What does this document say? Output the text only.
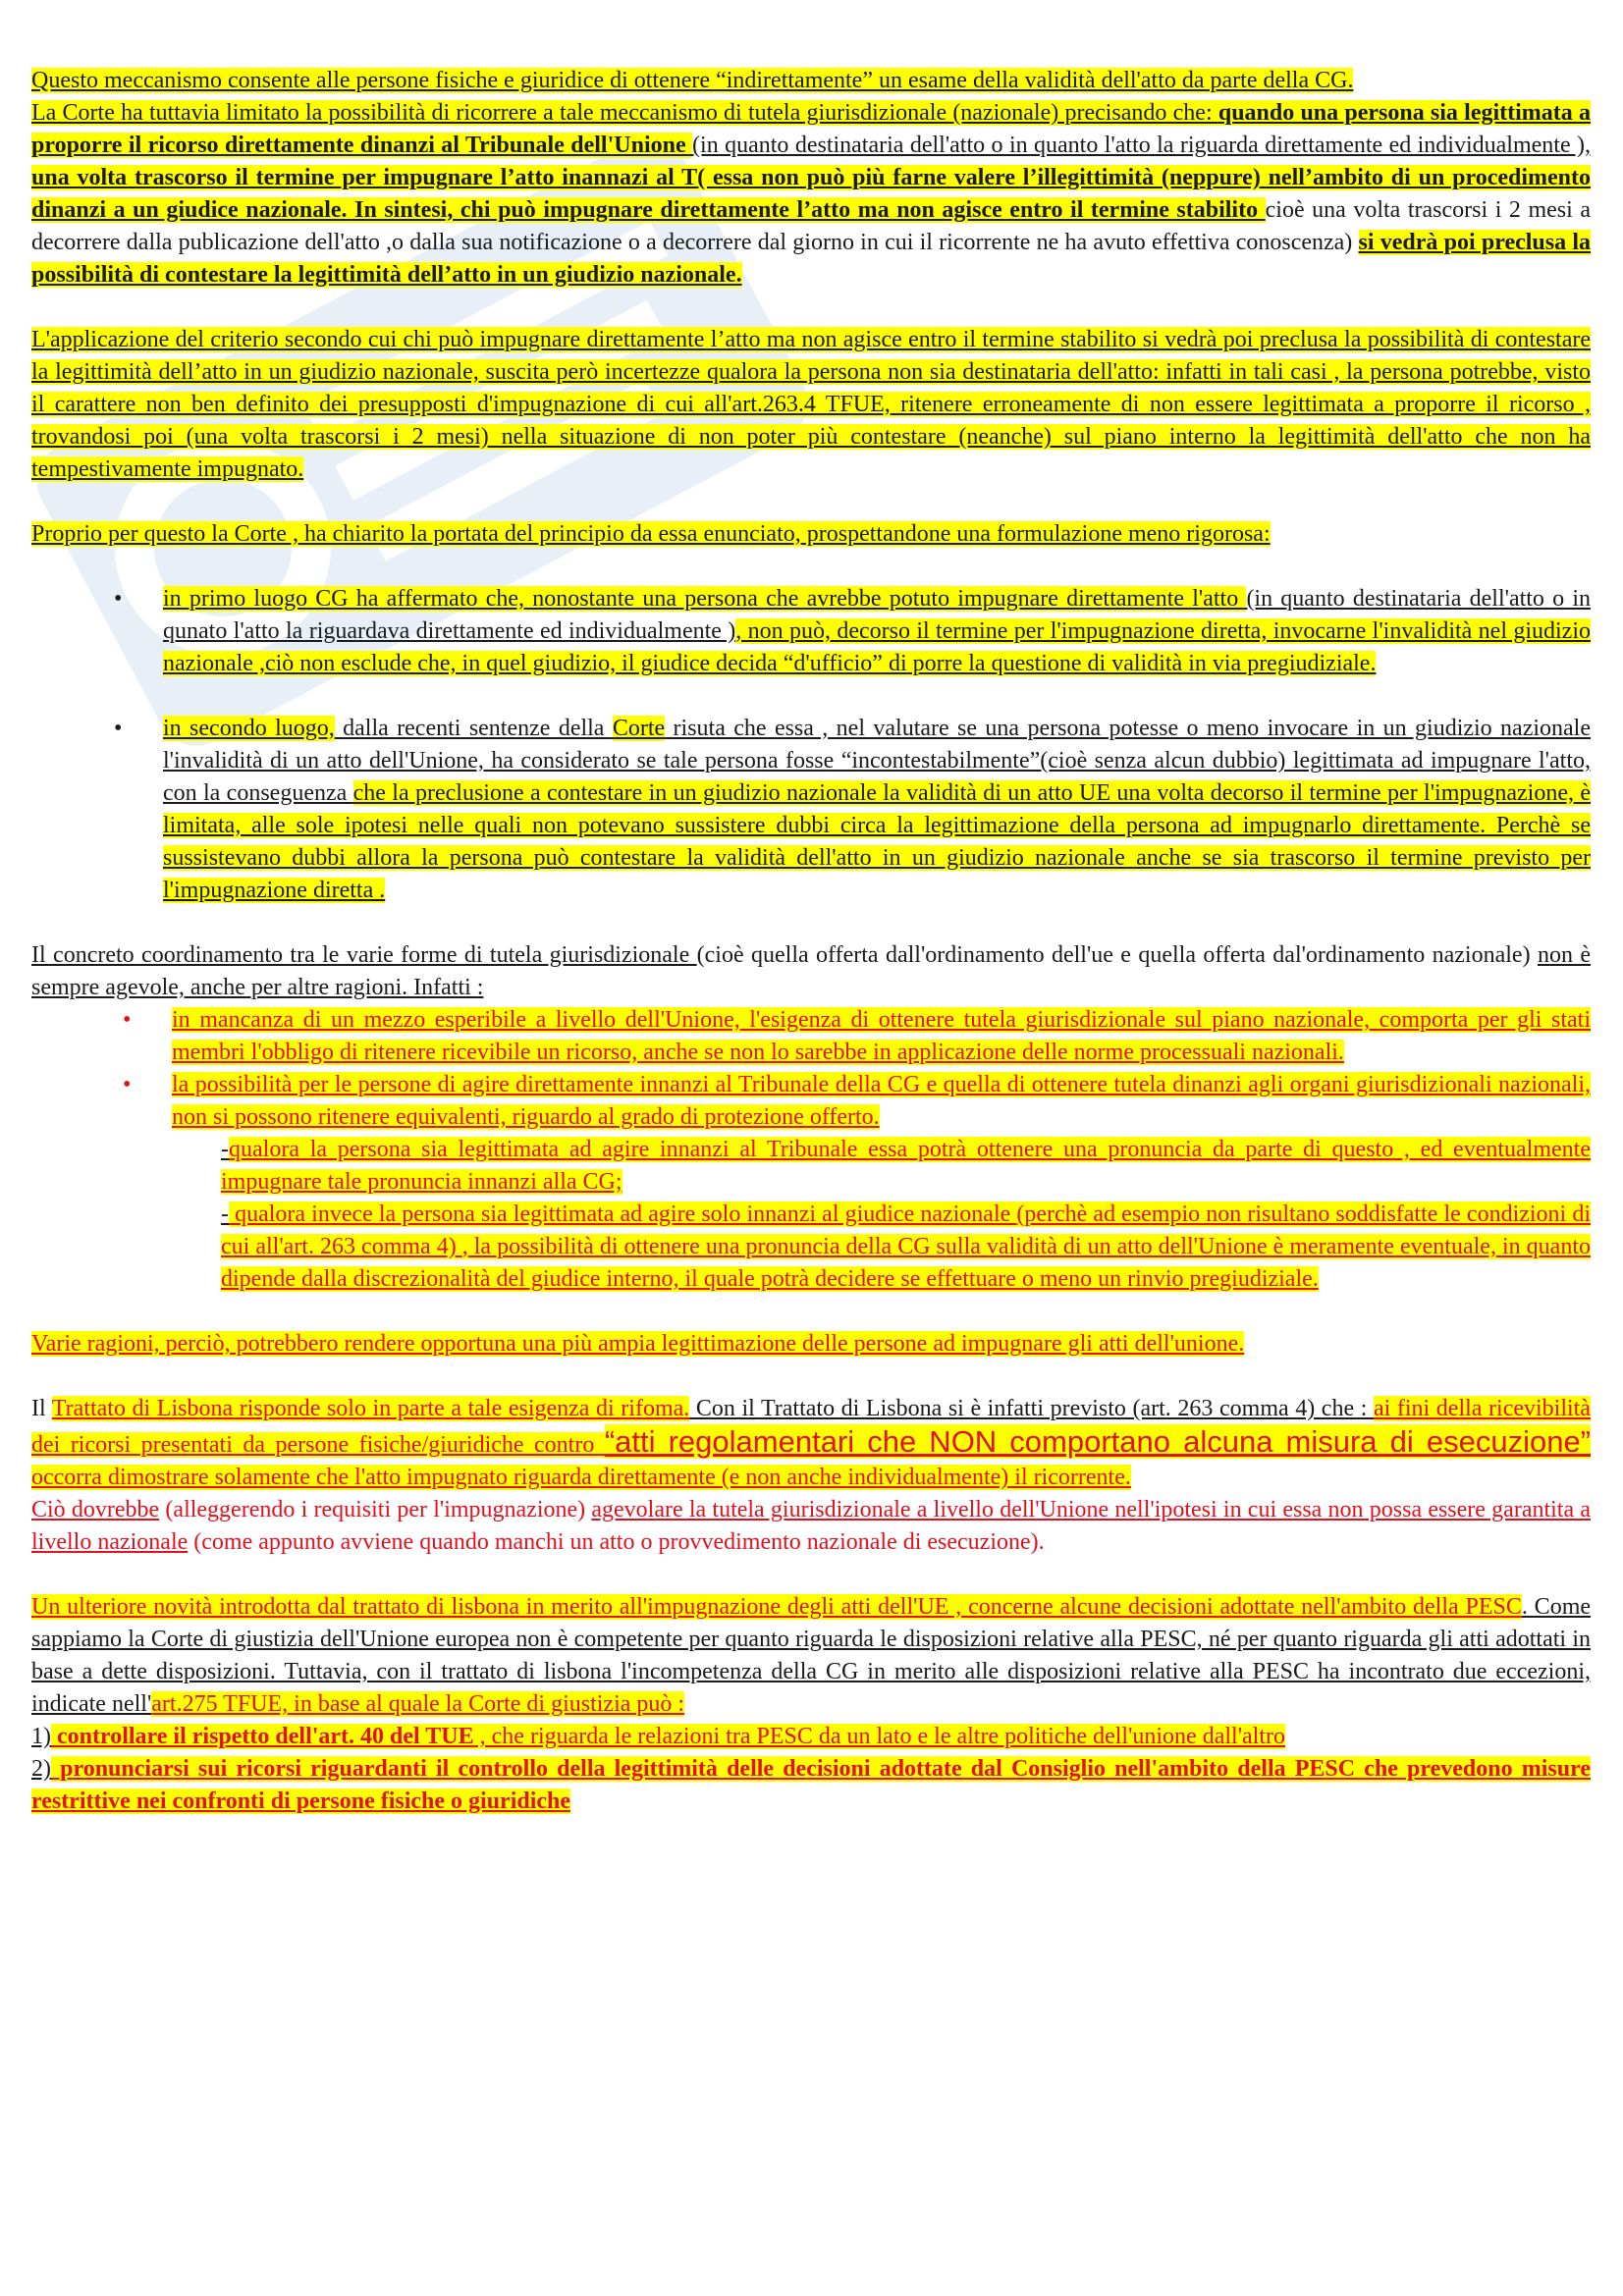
Questo meccanismo consente alle persone fisiche e giuridice di ottenere “indirettamente” un esame della validità dell'atto da parte della CG.

La Corte ha tuttavia limitato la possibilità di ricorrere a tale meccanismo di tutela giurisdizionale (nazionale) precisando che: quando una persona sia legittimata a proporre il ricorso direttamente dinanzi al Tribunale dell'Unione (in quanto destinataria dell'atto o in quanto l'atto la riguarda direttamente ed individualmente ), una volta trascorso il termine per impugnare l’atto inannazi al T( essa non può più farne valere l’illegittimità (neppure) nell’ambito di un procedimento dinanzi a un giudice nazionale. In sintesi, chi può impugnare direttamente l’atto ma non agisce entro il termine stabilito cioè una volta trascorsi i 2 mesi a decorrere dalla publicazione dell'atto ,o dalla sua notificazione o a decorrere dal giorno in cui il ricorrente ne ha avuto effettiva conoscenza) si vedrà poi preclusa la possibilità di contestare la legittimità dell’atto in un giudizio nazionale.

L'applicazione del criterio secondo cui chi può impugnare direttamente l’atto ma non agisce entro il termine stabilito si vedrà poi preclusa la possibilità di contestare la legittimità dell’atto in un giudizio nazionale, suscita però incertezze qualora la persona non sia destinataria dell'atto: infatti in tali casi , la persona potrebbe, visto il carattere non ben definito dei presupposti d'impugnazione di cui all'art.263.4 TFUE, ritenere erroneamente di non essere legittimata a proporre il ricorso , trovandosi poi (una volta trascorsi i 2 mesi) nella situazione di non poter più contestare (neanche) sul piano interno la legittimità dell'atto che non ha tempestivamente impugnato.

Proprio per questo la Corte , ha chiarito la portata del principio da essa enunciato, prospettandone una formulazione meno rigorosa:

• in primo luogo CG ha affermato che, nonostante una persona che avrebbe potuto impugnare direttamente l'atto (in quanto destinataria dell'atto o in qunato l'atto la riguardava direttamente ed individualmente ), non può, decorso il termine per l'impugnazione diretta, invocarne l'invalidità nel giudizio nazionale ,ciò non esclude che, in quel giudizio, il giudice decida “d'ufficio” di porre la questione di validità in via pregiudiziale.
• in secondo luogo, dalla recenti sentenze della Corte risuta che essa , nel valutare se una persona potesse o meno invocare in un giudizio nazionale l'invalidità di un atto dell'Unione, ha considerato se tale persona fosse “incontestabilmente”(cioè senza alcun dubbio) legittimata ad impugnare l'atto, con la conseguenza che la preclusione a contestare in un giudizio nazionale la validità di un atto UE una volta decorso il termine per l'impugnazione, è limitata, alle sole ipotesi nelle quali non potevano sussistere dubbi circa la legittimazione della persona ad impugnarlo direttamente. Perchè se sussistevano dubbi allora la persona può contestare la validità dell'atto in un giudizio nazionale anche se sia trascorso il termine previsto per l'impugnazione diretta .

Il concreto coordinamento tra le varie forme di tutela giurisdizionale (cioè quella offerta dall'ordinamento dell'ue e quella offerta dal'ordinamento nazionale) non è sempre agevole, anche per altre ragioni. Infatti :

• in mancanza di un mezzo esperibile a livello dell'Unione, l'esigenza di ottenere tutela giurisdizionale sul piano nazionale, comporta per gli stati membri l'obbligo di ritenere ricevibile un ricorso, anche se non lo sarebbe in applicazione delle norme processuali nazionali.
• la possibilità per le persone di agire direttamente innanzi al Tribunale della CG e quella di ottenere tutela dinanzi agli organi giurisdizionali nazionali, non si possono ritenere equivalenti, riguardo al grado di protezione offerto.

-qualora la persona sia legittimata ad agire innanzi al Tribunale essa potrà ottenere una pronuncia da parte di questo , ed eventualmente impugnare tale pronuncia innanzi alla CG;

- qualora invece la persona sia legittimata ad agire solo innanzi al giudice nazionale (perchè ad esempio non risultano soddisfatte le condizioni di cui all'art. 263 comma 4) , la possibilità di ottenere una pronuncia della CG sulla validità di un atto dell'Unione è meramente eventuale, in quanto dipende dalla discrezionalità del giudice interno, il quale potrà decidere se effettuare o meno un rinvio pregiudiziale.

Varie ragioni, perciò, potrebbero rendere opportuna una più ampia legittimazione delle persone ad impugnare gli atti dell'unione.

Il Trattato di Lisbona risponde solo in parte a tale esigenza di rifoma. Con il Trattato di Lisbona si è infatti previsto (art. 263 comma 4) che : ai fini della ricevibilità dei ricorsi presentati da persone fisiche/giuridiche contro “atti regolamentari che NON comportano alcuna misura di esecuzione” occorra dimostrare solamente che l'atto impugnato riguarda direttamente (e non anche individualmente) il ricorrente.

Ciò dovrebbe (alleggerendo i requisiti per l'impugnazione) agevolare la tutela giurisdizionale a livello dell'Unione nell'ipotesi in cui essa non possa essere garantita a livello nazionale (come appunto avviene quando manchi un atto o provvedimento nazionale di esecuzione).

Un ulteriore novità introdotta dal trattato di lisbona in merito all'impugnazione degli atti dell'UE , concerne alcune decisioni adottate nell'ambito della PESC. Come sappiamo la Corte di giustizia dell'Unione europea non è competente per quanto riguarda le disposizioni relative alla PESC, né per quanto riguarda gli atti adottati in base a dette disposizioni. Tuttavia, con il trattato di lisbona l'incompetenza della CG in merito alle disposizioni relative alla PESC ha incontrato due eccezioni, indicate nell'art.275 TFUE, in base al quale la Corte di giustizia può :

1) controllare il rispetto dell'art. 40 del TUE , che riguarda le relazioni tra PESC da un lato e le altre politiche dell'unione dall'altro

2) pronunciarsi sui ricorsi riguardanti il controllo della legittimità delle decisioni adottate dal Consiglio nell'ambito della PESC che prevedono misure restrittive nei confronti di persone fisiche o giuridiche
